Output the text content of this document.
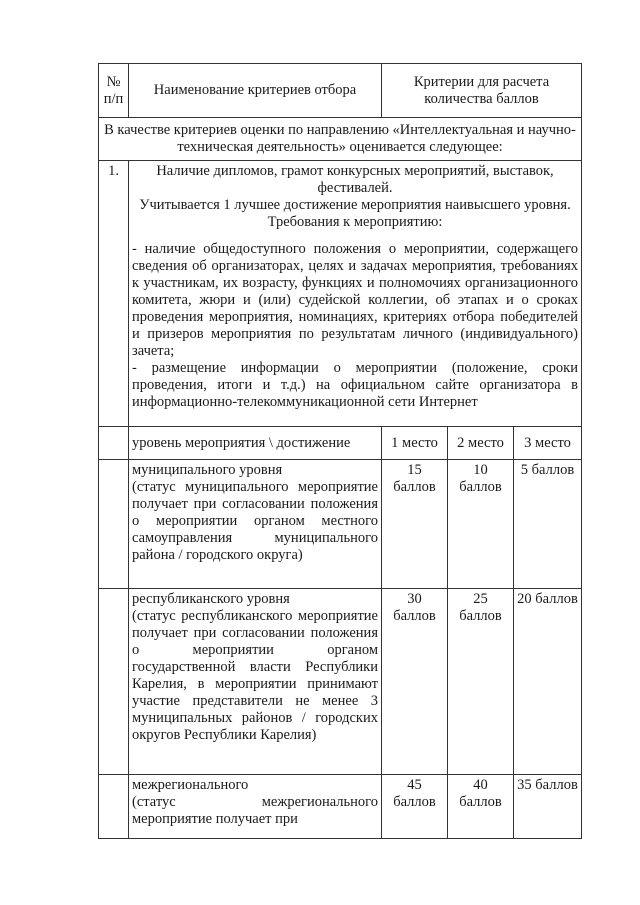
№ п/п	Наименование критериев отбора	Критерии для расчета количества баллов		
В качестве критериев оценки по направлению «Интеллектуальная и научно-техническая деятельность» оценивается следующее:				
1.	Наличие дипломов, грамот конкурсных мероприятий, выставок, фестивалей.
Учитывается 1 лучшее достижение мероприятия наивысшего уровня. Требования к мероприятию:
- наличие общедоступного положения о мероприятии, содержащего сведения об организаторах, целях и задачах мероприятия, требованиях к участникам, их возрасту, функциях и полномочиях организационного комитета, жюри и (или) судейской коллегии, об этапах и о сроках проведения мероприятия, номинациях, критериях отбора победителей и призеров мероприятия по результатам личного (индивидуального) зачета;
- размещение информации о мероприятии (положение, сроки проведения, итоги и т.д.) на официальном сайте организатора в информационно-телекоммуникационной сети Интернет			

	уровень мероприятия \ достижение	1 место	2 место	3 место

	муниципального уровня
(статус муниципального мероприятие получает при согласовании положения о мероприятии органом местного самоуправления муниципального района / городского округа)	15 баллов	10 баллов	5 баллов

	республиканского уровня
(статус республиканского мероприятие получает при согласовании положения о мероприятии органом государственной власти Республики Карелия, в мероприятии принимают участие представители не менее 3 муниципальных районов / городских округов Республики Карелия)	30 баллов	25 баллов	20 баллов

	межрегионального
(статус межрегионального мероприятие получает при	45 баллов	40 баллов	35 баллов
